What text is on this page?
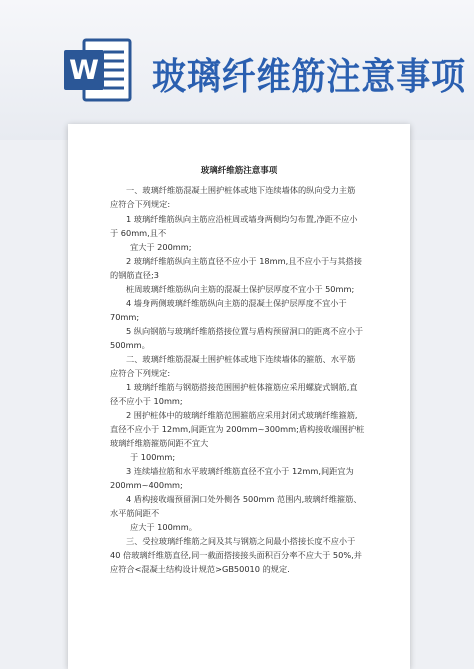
W 玻璃纤维筋注意事项
玻璃纤维筋注意事项
一、玻璃纤维筋混凝土围护桩体或地下连续墙体的纵向受力主筋
应符合下列规定:
1 玻璃纤维筋纵向主筋应沿桩周或墙身两侧均匀布置,净距不应小
于 60mm,且不
宜大于 200mm;
2 玻璃纤维筋纵向主筋直径不应小于 18mm,且不应小于与其搭接
的钢筋直径;3
桩周玻璃纤维筋纵向主筋的混凝土保护层厚度不宜小于 50mm;
4 墙身两侧玻璃纤维筋纵向主筋的混凝土保护层厚度不宜小于
70mm;
5 纵向钢筋与玻璃纤维筋搭接位置与盾构预留洞口的距离不应小于
500mm。
二、玻璃纤维筋混凝土围护桩体或地下连续墙体的箍筋、水平筋
应符合下列规定:
1 玻璃纤维筋与钢筋搭接范围围护桩体箍筋应采用螺旋式钢筋,直
径不应小于 10mm;
2 围护桩体中的玻璃纤维筋范围箍筋应采用封闭式玻璃纤维箍筋,
直径不应小于 12mm,间距宜为 200mm~300mm;盾构接收端围护桩
玻璃纤维筋箍筋间距不宜大
于 100mm;
3 连续墙拉筋和水平玻璃纤维筋直径不宜小于 12mm,间距宜为
200mm~400mm;
4 盾构接收端预留洞口处外侧各 500mm 范围内,玻璃纤维箍筋、
水平筋间距不
应大于 100mm。
三、受拉玻璃纤维筋之间及其与钢筋之间最小搭接长度不应小于
40 倍玻璃纤维筋直径,同一截面搭接接头面积百分率不应大于 50%,并
应符合<混凝土结构设计规范>GB50010 的规定.
